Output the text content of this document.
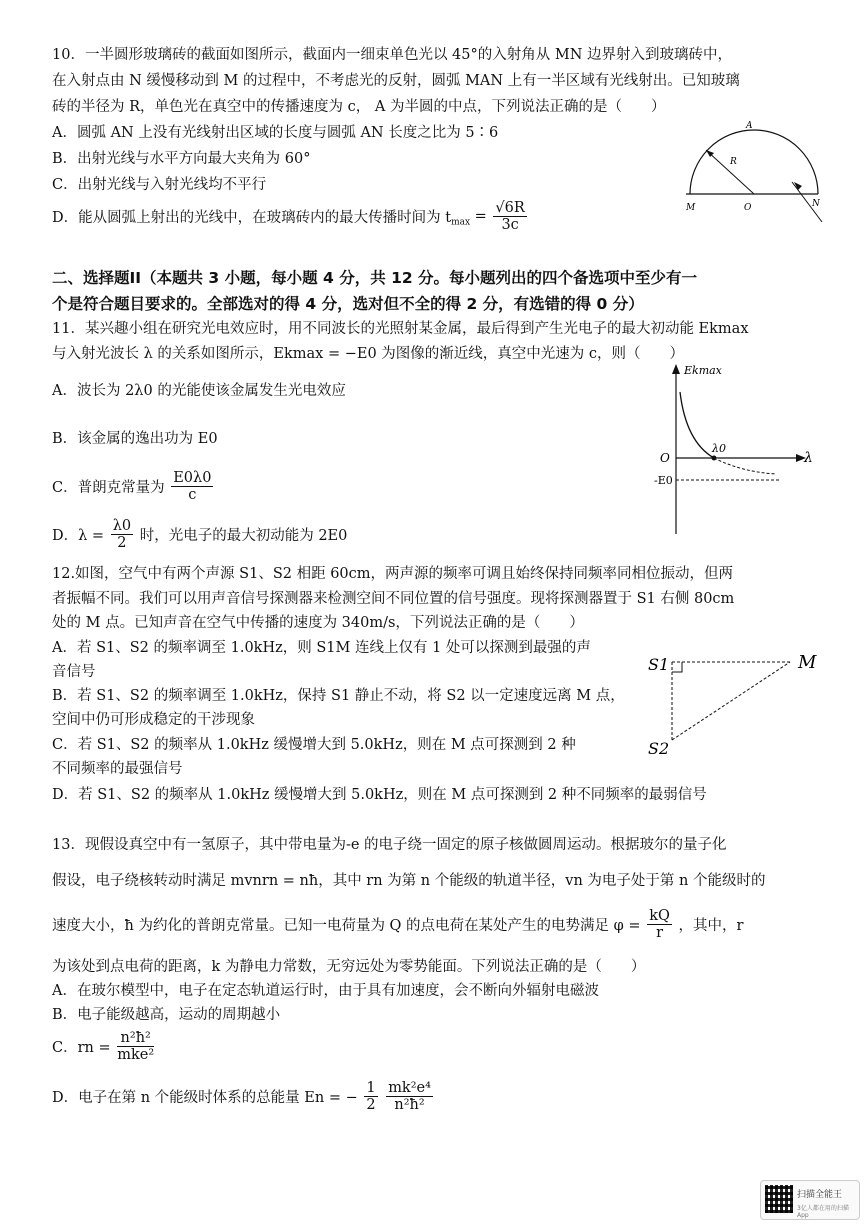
10．一半圆形玻璃砖的截面如图所示，截面内一细束单色光以 45°的入射角从 MN 边界射入到玻璃砖中，
在入射点由 N 缓慢移动到 M 的过程中，不考虑光的反射，圆弧 MAN 上有一半区域有光线射出。已知玻璃
砖的半径为 R，单色光在真空中的传播速度为 c， A 为半圆的中点，下列说法正确的是（　　）
A．圆弧 AN 上没有光线射出区域的长度与圆弧 AN 长度之比为 5∶6
B．出射光线与水平方向最大夹角为 60°
C．出射光线与入射光线均不平行
D．能从圆弧上射出的光线中，在玻璃砖内的最大传播时间为 $t_{max} = \frac{√6R}{3c}$
A
R
M	O	N
二、选择题II（本题共 3 小题，每小题 4 分，共 12 分。每小题列出的四个备选项中至少有一
个是符合题目要求的。全部选对的得 4 分，选对但不全的得 2 分，有选错的得 0 分）
11．某兴趣小组在研究光电效应时，用不同波长的光照射某金属，最后得到产生光电子的最大初动能 Ekmax
与入射光波长 λ 的关系如图所示，Ekmax = −E0 为图像的渐近线，真空中光速为 c，则（　　）
A．波长为 2λ0 的光能使该金属发生光电效应
B．该金属的逸出功为 E0
C．普朗克常量为 $\frac{E0\lambda 0}{c}$
D．$\lambda = \frac{\lambda 0}{2}$ 时，光电子的最大初动能为 2E0
Ekmax
O
λ0
λ
-E0
12.如图，空气中有两个声源 S1、S2 相距 60cm，两声源的频率可调且始终保持同频率同相位振动，但两
者振幅不同。我们可以用声音信号探测器来检测空间不同位置的信号强度。现将探测器置于 S1 右侧 80cm
处的 M 点。已知声音在空气中传播的速度为 340m/s，下列说法正确的是（　　）
A．若 S1、S2 的频率调至 1.0kHz，则 S1M 连线上仅有 1 处可以探测到最强的声
音信号
B．若 S1、S2 的频率调至 1.0kHz，保持 S1 静止不动，将 S2 以一定速度远离 M 点，
空间中仍可形成稳定的干涉现象
C．若 S1、S2 的频率从 1.0kHz 缓慢增大到 5.0kHz，则在 M 点可探测到 2 种
不同频率的最强信号
D．若 S1、S2 的频率从 1.0kHz 缓慢增大到 5.0kHz，则在 M 点可探测到 2 种不同频率的最弱信号
S1
S2
M
13．现假设真空中有一氢原子，其中带电量为-e 的电子绕一固定的原子核做圆周运动。根据玻尔的量子化
假设，电子绕核转动时满足 mvnrn = nħ，其中 rn 为第 n 个能级的轨道半径，vn 为电子处于第 n 个能级时的
速度大小，ħ 为约化的普朗克常量。已知一电荷量为 Q 的点电荷在某处产生的电势满足 $\varphi = \frac{kQ}{r}$ ，其中，r
为该处到点电荷的距离，k 为静电力常数，无穷远处为零势能面。下列说法正确的是（　　）
A．在玻尔模型中，电子在定态轨道运行时，由于具有加速度，会不断向外辐射电磁波
B．电子能级越高，运动的周期越小
C．rn = $\frac{\text{n²ħ²}}{\text{mke²}}$
D．电子在第 n 个能级时体系的总能量 En = − $\frac{1}{2}$
$\frac{\text{mk²e⁴}}{\text{n²ħ²}}$
扫描全能王
3亿人都在用的扫描App
